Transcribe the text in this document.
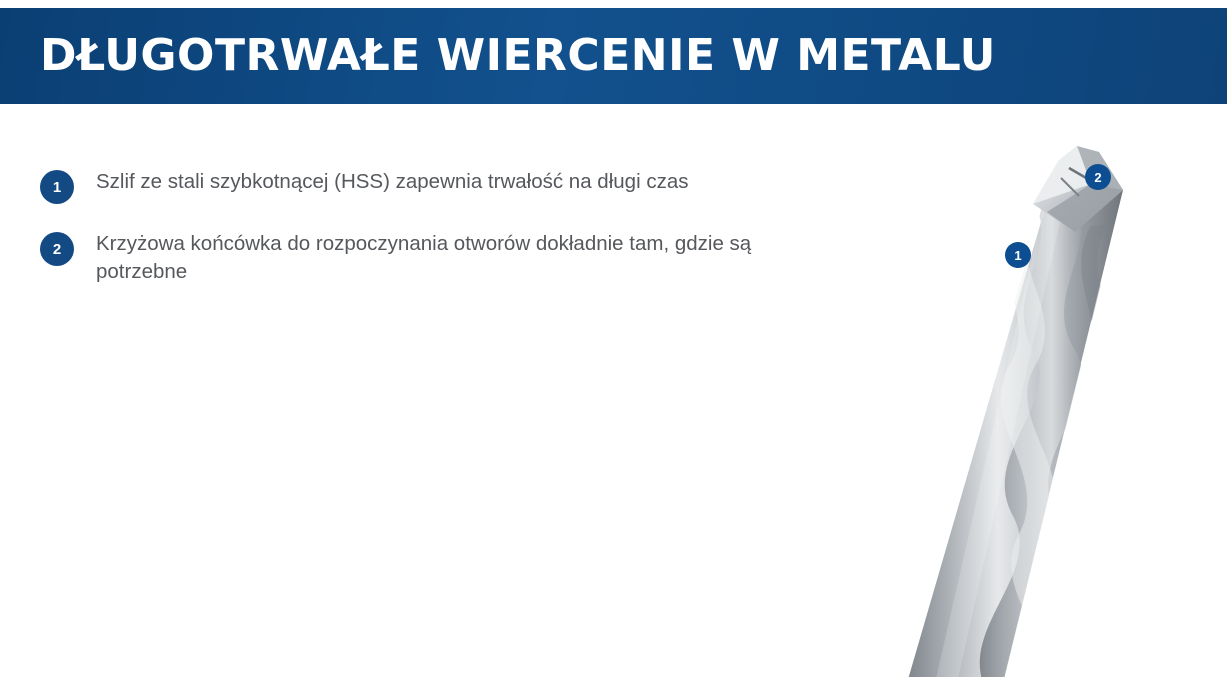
DŁUGOTRWAŁE WIERCENIE W METALU
1	Szlif ze stali szybkotnącej (HSS) zapewnia trwałość na długi czas
2	Krzyżowa końcówka do rozpoczynania otworów dokładnie tam, gdzie są potrzebne
1
2
